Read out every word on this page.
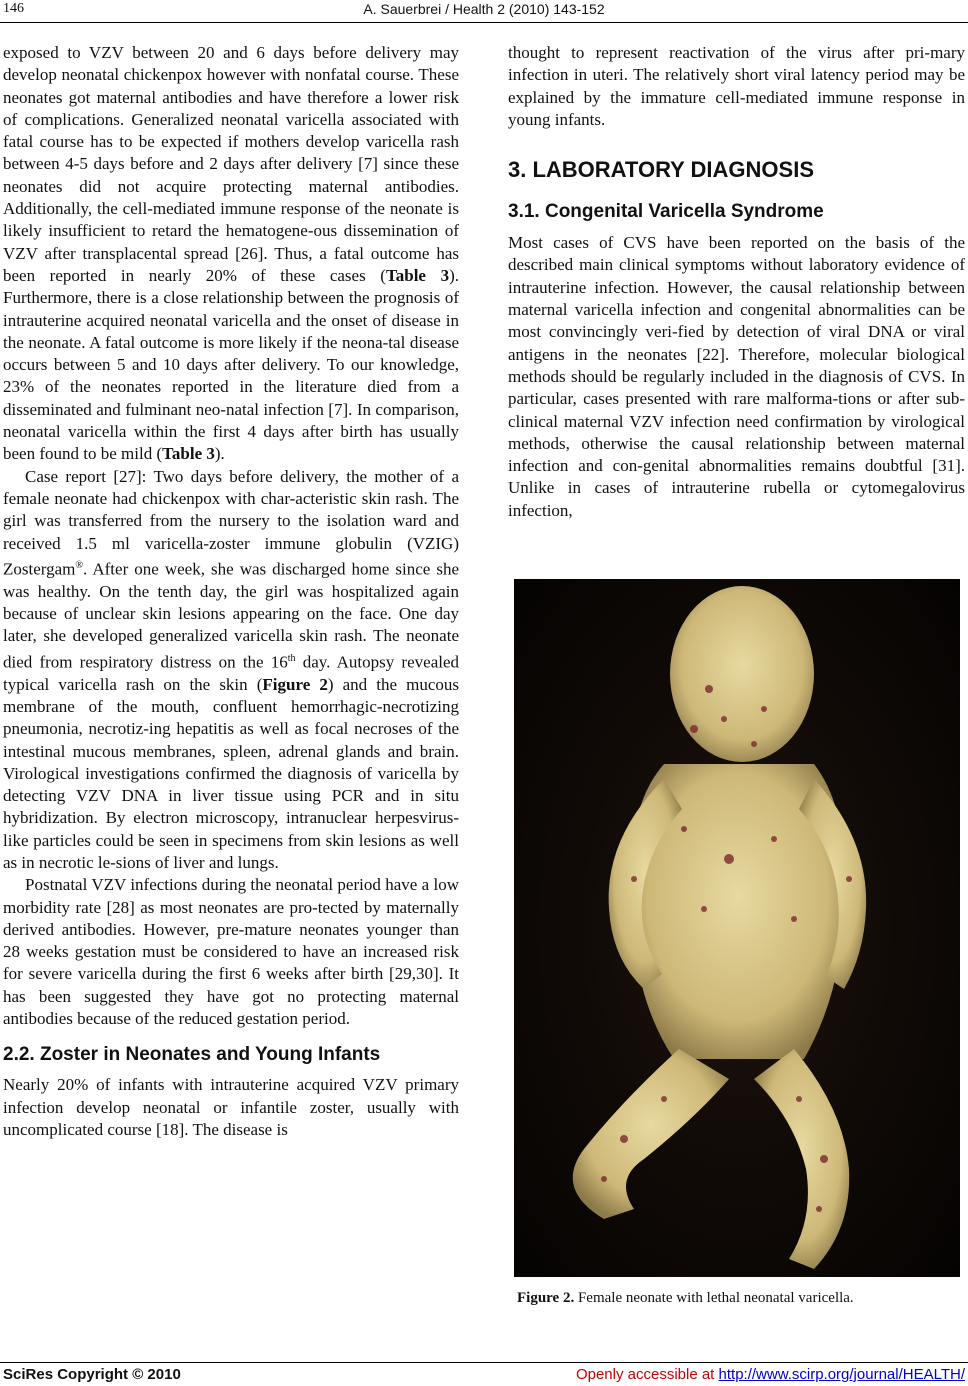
146	A. Sauerbrei / Health 2 (2010) 143-152

exposed to VZV between 20 and 6 days before delivery may develop neonatal chickenpox however with nonfatal course. These neonates got maternal antibodies and have therefore a lower risk of complications. Generalized neonatal varicella associated with fatal course has to be expected if mothers develop varicella rash between 4-5 days before and 2 days after delivery [7] since these neonates did not acquire protecting maternal antibodies. Additionally, the cell-mediated immune response of the neonate is likely insufficient to retard the hematogene-ous dissemination of VZV after transplacental spread [26]. Thus, a fatal outcome has been reported in nearly 20% of these cases (Table 3). Furthermore, there is a close relationship between the prognosis of intrauterine acquired neonatal varicella and the onset of disease in the neonate. A fatal outcome is more likely if the neona-tal disease occurs between 5 and 10 days after delivery. To our knowledge, 23% of the neonates reported in the literature died from a disseminated and fulminant neo-natal infection [7]. In comparison, neonatal varicella within the first 4 days after birth has usually been found to be mild (Table 3).

Case report [27]: Two days before delivery, the mother of a female neonate had chickenpox with char-acteristic skin rash. The girl was transferred from the nursery to the isolation ward and received 1.5 ml varicella-zoster immune globulin (VZIG) Zostergam®. After one week, she was discharged home since she was healthy. On the tenth day, the girl was hospitalized again because of unclear skin lesions appearing on the face. One day later, she developed generalized varicella skin rash. The neonate died from respiratory distress on the 16th day. Autopsy revealed typical varicella rash on the skin (Figure 2) and the mucous membrane of the mouth, confluent hemorrhagic-necrotizing pneumonia, necrotiz-ing hepatitis as well as focal necroses of the intestinal mucous membranes, spleen, adrenal glands and brain. Virological investigations confirmed the diagnosis of varicella by detecting VZV DNA in liver tissue using PCR and in situ hybridization. By electron microscopy, intranuclear herpesvirus-like particles could be seen in specimens from skin lesions as well as in necrotic le-sions of liver and lungs.

Postnatal VZV infections during the neonatal period have a low morbidity rate [28] as most neonates are pro-tected by maternally derived antibodies. However, pre-mature neonates younger than 28 weeks gestation must be considered to have an increased risk for severe varicella during the first 6 weeks after birth [29,30]. It has been suggested they have got no protecting maternal antibodies because of the reduced gestation period.

2.2. Zoster in Neonates and Young Infants

Nearly 20% of infants with intrauterine acquired VZV primary infection develop neonatal or infantile zoster, usually with uncomplicated course [18]. The disease is

thought to represent reactivation of the virus after pri-mary infection in uteri. The relatively short viral latency period may be explained by the immature cell-mediated immune response in young infants.

3. LABORATORY DIAGNOSIS
3.1. Congenital Varicella Syndrome

Most cases of CVS have been reported on the basis of the described main clinical symptoms without laboratory evidence of intrauterine infection. However, the causal relationship between maternal varicella infection and congenital abnormalities can be most convincingly veri-fied by detection of viral DNA or viral antigens in the neonates [22]. Therefore, molecular biological methods should be regularly included in the diagnosis of CVS. In particular, cases presented with rare malforma-tions or after sub-clinical maternal VZV infection need confirmation by virological methods, otherwise the causal relationship between maternal infection and con-genital abnormalities remains doubtful [31]. Unlike in cases of intrauterine rubella or cytomegalovirus infection,

Figure 2. Female neonate with lethal neonatal varicella.
SciRes Copyright © 2010	Openly accessible at http://www.scirp.org/journal/HEALTH/
